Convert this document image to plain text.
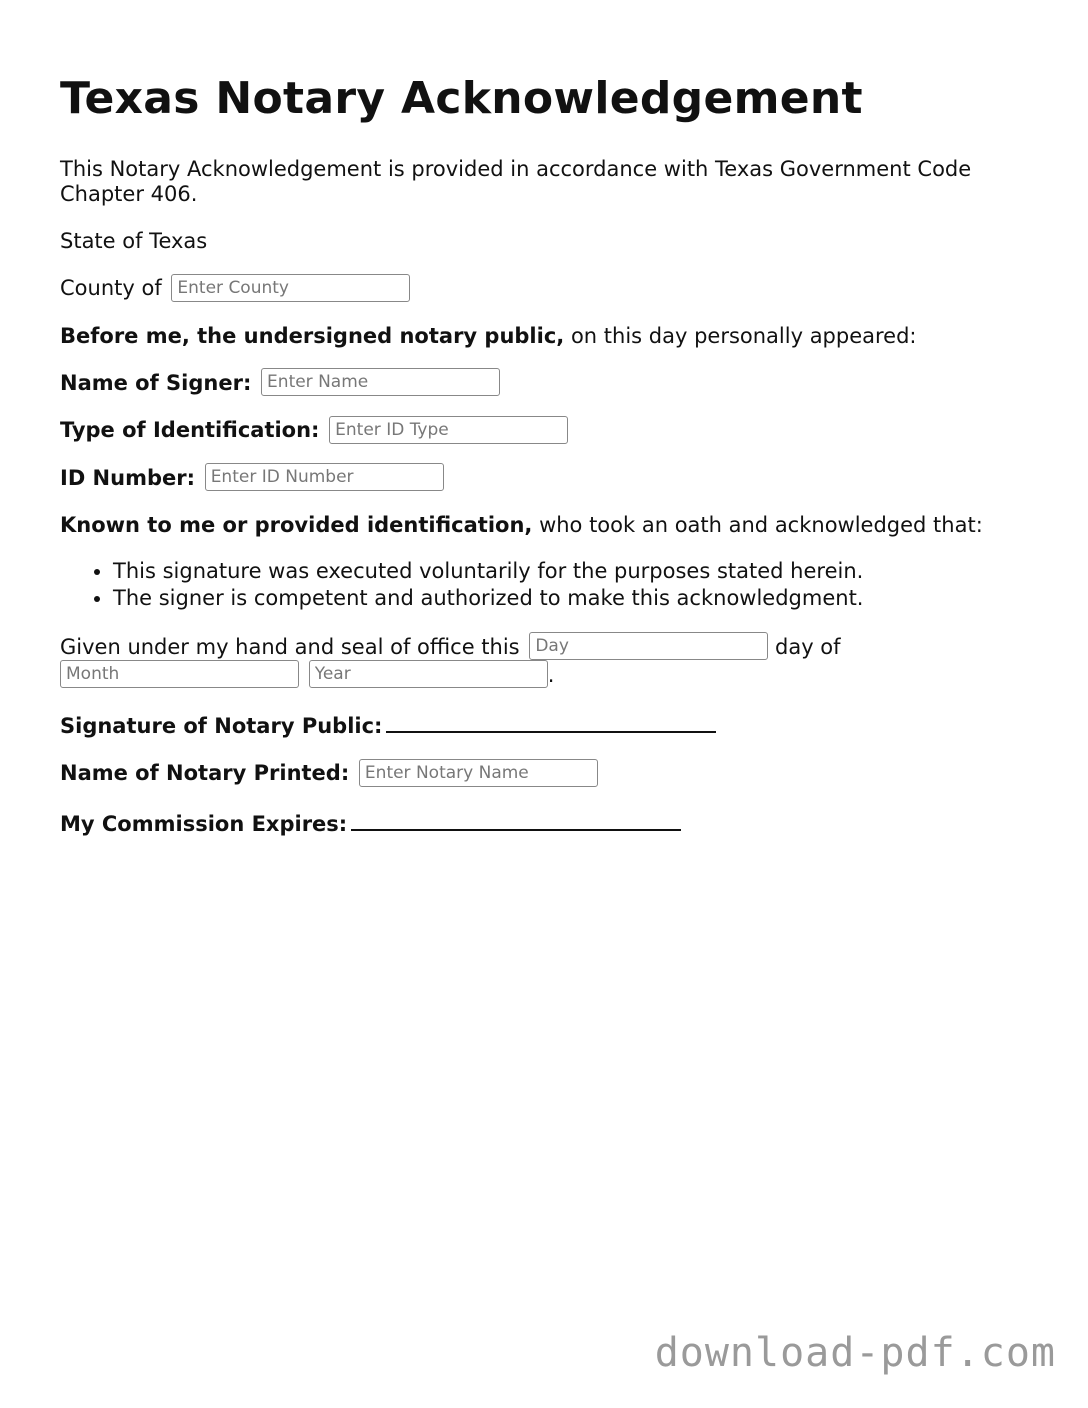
Texas Notary Acknowledgement

This Notary Acknowledgement is provided in accordance with Texas Government Code Chapter 406.

State of Texas

County of Enter County

Before me, the undersigned notary public, on this day personally appeared:

Name of Signer: Enter Name

Type of Identification: Enter ID Type

ID Number: Enter ID Number

Known to me or provided identification, who took an oath and acknowledged that:

• This signature was executed voluntarily for the purposes stated herein.
• The signer is competent and authorized to make this acknowledgment.
Given under my hand and seal of office this Day	day of
Month Year.

Signature of Notary Public:

Name of Notary Printed: Enter Notary Name

My Commission Expires:

download-pdf.com
